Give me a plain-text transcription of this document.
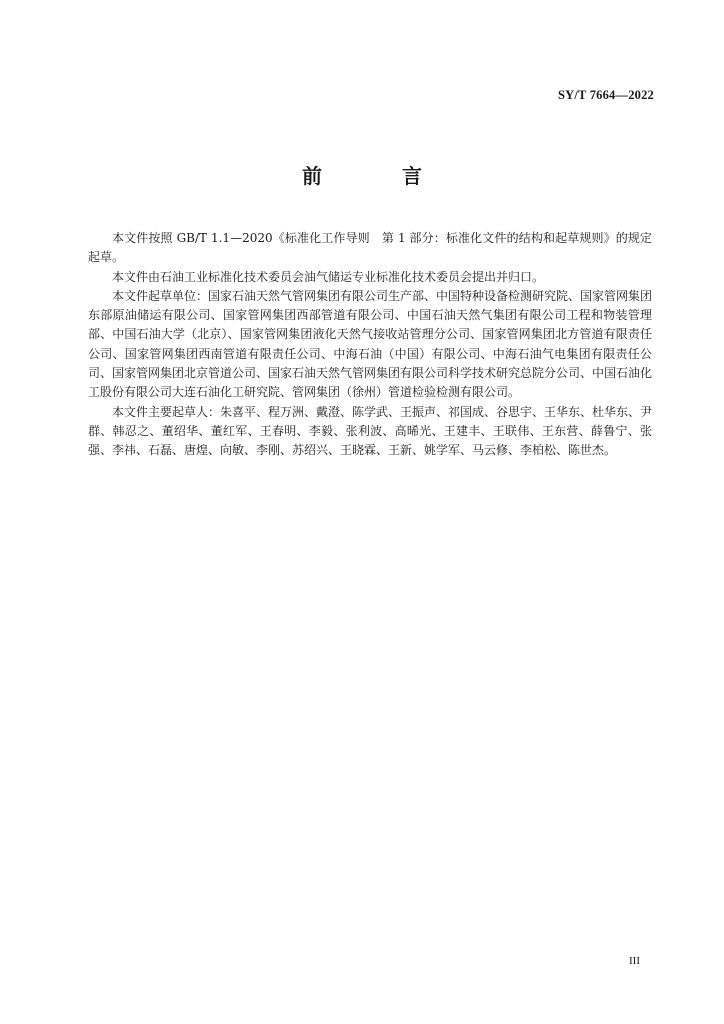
SY/T 7664—2022
前　言

本文件按照 GB/T 1.1—2020《标准化工作导则　第 1 部分：标准化文件的结构和起草规则》的规定起草。

本文件由石油工业标准化技术委员会油气储运专业标准化技术委员会提出并归口。

本文件起草单位：国家石油天然气管网集团有限公司生产部、中国特种设备检测研究院、国家管网集团东部原油储运有限公司、国家管网集团西部管道有限公司、中国石油天然气集团有限公司工程和物装管理部、中国石油大学（北京）、国家管网集团液化天然气接收站管理分公司、国家管网集团北方管道有限责任公司、国家管网集团西南管道有限责任公司、中海石油（中国）有限公司、中海石油气电集团有限责任公司、国家管网集团北京管道公司、国家石油天然气管网集团有限公司科学技术研究总院分公司、中国石油化工股份有限公司大连石油化工研究院、管网集团（徐州）管道检验检测有限公司。

本文件主要起草人：朱喜平、程万洲、戴澄、陈学武、王振声、祁国成、谷思宇、王华东、杜华东、尹群、韩忍之、董绍华、董红军、王春明、李毅、张利波、高晞光、王建丰、王联伟、王东营、薛鲁宁、张强、李祎、石磊、唐煌、向敏、李刚、苏绍兴、王晓霖、王新、姚学军、马云修、李柏松、陈世杰。

III
